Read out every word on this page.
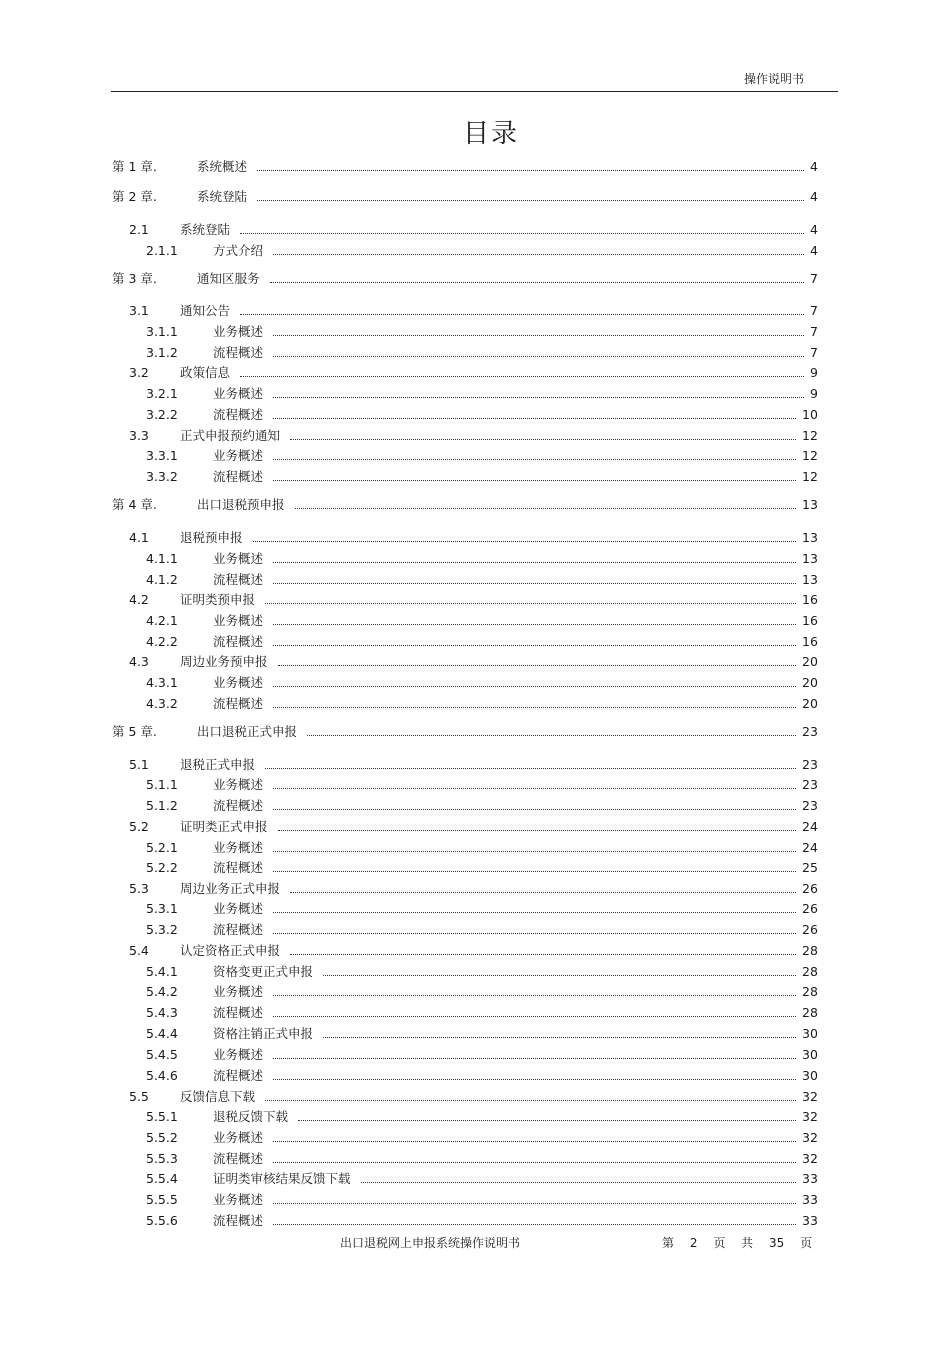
操作说明书
目录
第 1 章.	系统概述	4
第 2 章.	系统登陆	4
2.1 系统登陆	4
2.1.1	方式介绍	4
第 3 章.	通知区服务	7
3.1 通知公告	7
3.1.1	业务概述	7
3.1.2	流程概述	7
3.2 政策信息	9
3.2.1	业务概述	9
3.2.2	流程概述	10
3.3 正式申报预约通知	12
3.3.1	业务概述	12
3.3.2	流程概述	12
第 4 章.	出口退税预申报	13
4.1 退税预申报	13
4.1.1	业务概述	13
4.1.2	流程概述	13
4.2 证明类预申报	16
4.2.1	业务概述	16
4.2.2	流程概述	16
4.3 周边业务预申报	20
4.3.1	业务概述	20
4.3.2	流程概述	20
第 5 章.	出口退税正式申报	23
5.1 退税正式申报	23
5.1.1	业务概述	23
5.1.2	流程概述	23
5.2 证明类正式申报	24
5.2.1	业务概述	24
5.2.2	流程概述	25
5.3 周边业务正式申报	26
5.3.1	业务概述	26
5.3.2	流程概述	26
5.4 认定资格正式申报	28
5.4.1	资格变更正式申报	28
5.4.2	业务概述	28
5.4.3	流程概述	28
5.4.4	资格注销正式申报	30
5.4.5	业务概述	30
5.4.6	流程概述	30
5.5 反馈信息下载	32
5.5.1	退税反馈下载	32
5.5.2	业务概述	32
5.5.3	流程概述	32
5.5.4	证明类审核结果反馈下载	33
5.5.5	业务概述	33
5.5.6	流程概述	33
出口退税网上申报系统操作说明书	第 2 页 共 35 页
